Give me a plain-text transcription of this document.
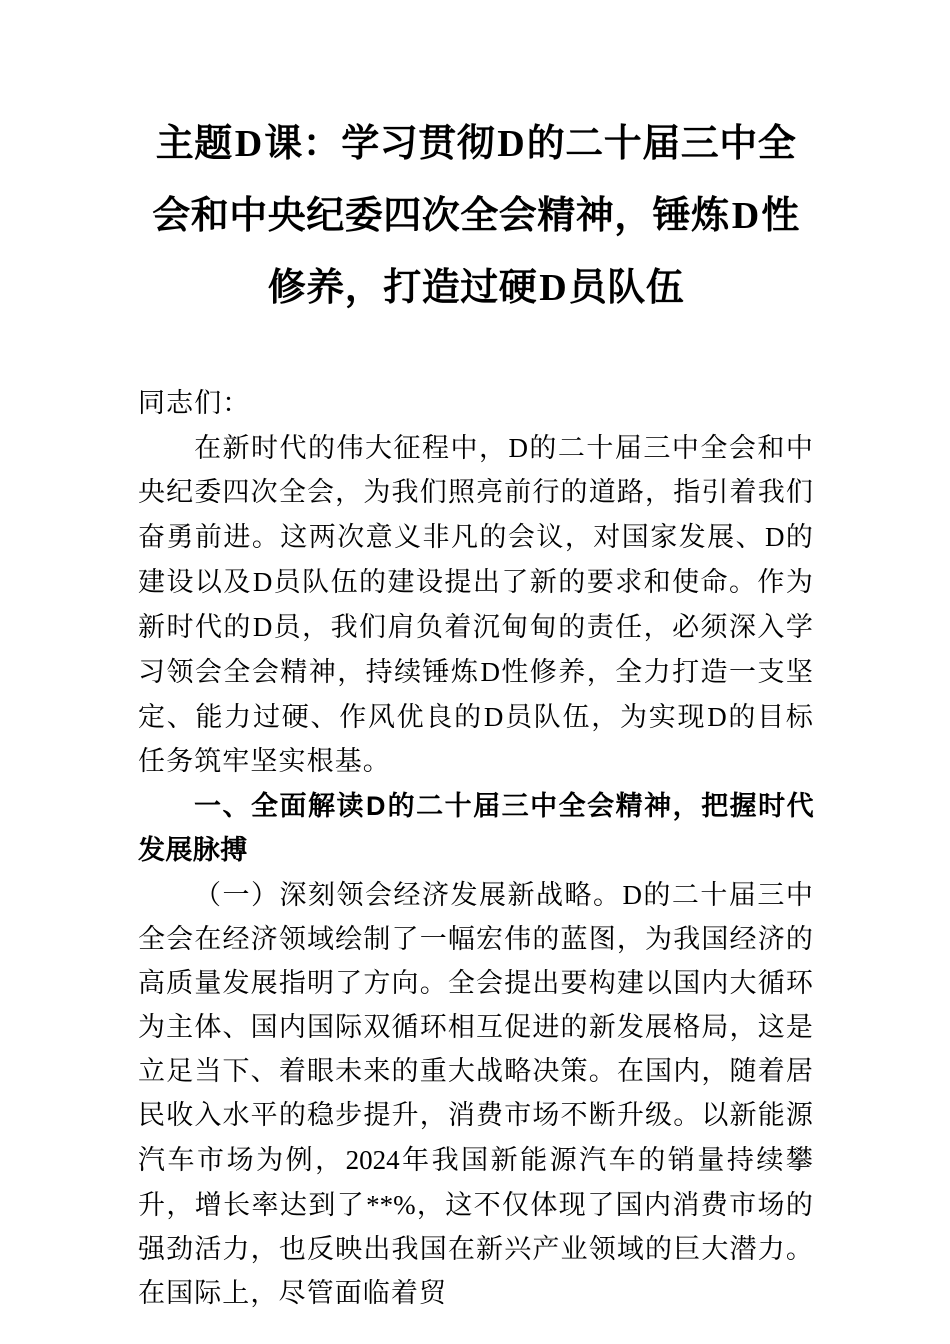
主题D课：学习贯彻D的二十届三中全会和中央纪委四次全会精神，锤炼D性修养，打造过硬D员队伍

同志们：

在新时代的伟大征程中，D的二十届三中全会和中央纪委四次全会，为我们照亮前行的道路，指引着我们奋勇前进。这两次意义非凡的会议，对国家发展、D的建设以及D员队伍的建设提出了新的要求和使命。作为新时代的D员，我们肩负着沉甸甸的责任，必须深入学习领会全会精神，持续锤炼D性修养，全力打造一支坚定、能力过硬、作风优良的D员队伍，为实现D的目标任务筑牢坚实根基。

一、全面解读D的二十届三中全会精神，把握时代发展脉搏

（一）深刻领会经济发展新战略。D的二十届三中全会在经济领域绘制了一幅宏伟的蓝图，为我国经济的高质量发展指明了方向。全会提出要构建以国内大循环为主体、国内国际双循环相互促进的新发展格局，这是立足当下、着眼未来的重大战略决策。在国内，随着居民收入水平的稳步提升，消费市场不断升级。以新能源汽车市场为例，2024年我国新能源汽车的销量持续攀升，增长率达到了**%，这不仅体现了国内消费市场的强劲活力，也反映出我国在新兴产业领域的巨大潜力。在国际上，尽管面临着贸
